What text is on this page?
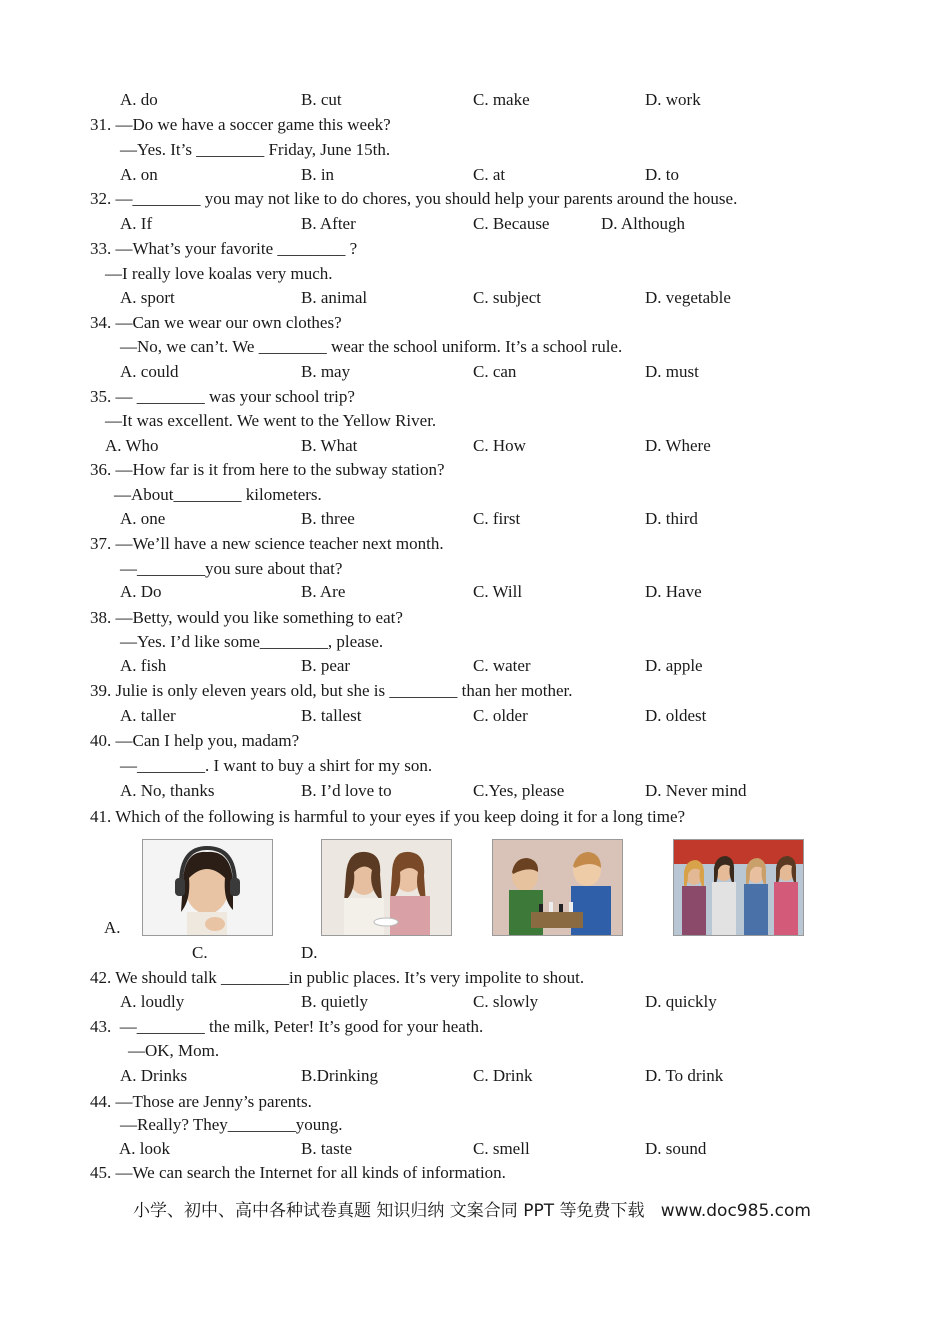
A. do	B. cut	C. make	D. work
31. —Do we have a soccer game this week?
—Yes. It’s ________ Friday, June 15th.
A. on	B. in	C. at	D. to
32. —________ you may not like to do chores, you should help your parents around the house.
A. If	B. After	C. Because	D. Although
33. —What’s your favorite ________ ?
—I really love koalas very much.
A. sport	B. animal	C. subject	D. vegetable
34. —Can we wear our own clothes?
—No, we can’t. We ________ wear the school uniform. It’s a school rule.
A. could	B. may	C. can	D. must
35. — ________ was your school trip?
—It was excellent. We went to the Yellow River.
A. Who	B. What	C. How	D. Where
36. —How far is it from here to the subway station?
—About________ kilometers.
A. one	B. three	C. first	D. third
37. —We’ll have a new science teacher next month.
—________you sure about that?
A. Do	B. Are	C. Will	D. Have
38. —Betty, would you like something to eat?
—Yes. I’d like some________, please.
A. fish	B. pear	C. water	D. apple
39. Julie is only eleven years old, but she is ________ than her mother.
A. taller	B. tallest	C. older	D. oldest
40. —Can I help you, madam?
—________. I want to buy a shirt for my son.
A. No, thanks	B. I’d love to	C.Yes, please	D. Never mind
41. Which of the following is harmful to your eyes if you keep doing it for a long time?
A.
C.	D.
42. We should talk ________in public places. It’s very impolite to shout.
A. loudly	B. quietly	C. slowly	D. quickly
43.  —________ the milk, Peter! It’s good for your heath.
—OK, Mom.
A. Drinks	B.Drinking	C. Drink	D. To drink
44. —Those are Jenny’s parents.
—Really? They________young.
A. look	B. taste	C. smell	D. sound
45. —We can search the Internet for all kinds of information.
小学、初中、高中各种试卷真题 知识归纳 文案合同 PPT 等免费下载   www.doc985.com
